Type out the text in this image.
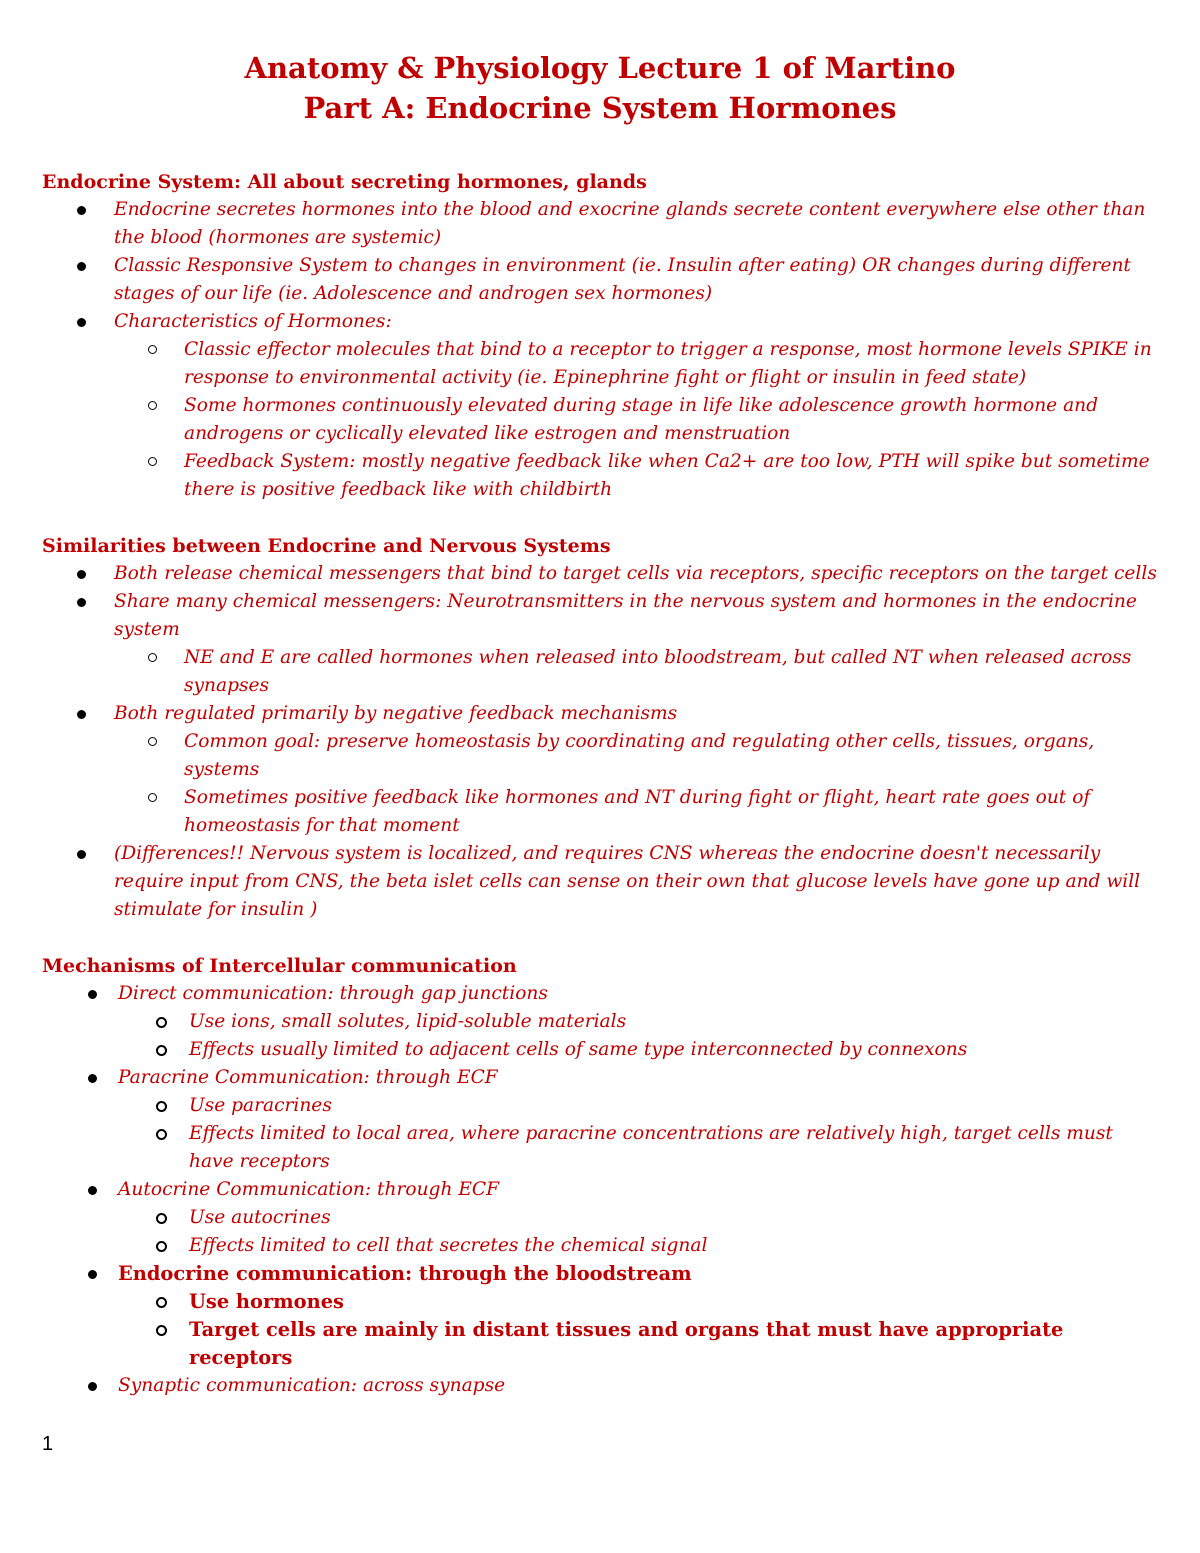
Anatomy & Physiology Lecture 1 of Martino
Part A: Endocrine System Hormones

Endocrine System: All about secreting hormones, glands

Endocrine secretes hormones into the blood and exocrine glands secrete content everywhere else other than the blood (hormones are systemic)
Classic Responsive System to changes in environment (ie. Insulin after eating) OR changes during different stages of our life (ie. Adolescence and androgen sex hormones)
Characteristics of Hormones:
Classic effector molecules that bind to a receptor to trigger a response, most hormone levels SPIKE in response to environmental activity (ie. Epinephrine fight or flight or insulin in feed state)
Some hormones continuously elevated during stage in life like adolescence growth hormone and androgens or cyclically elevated like estrogen and menstruation
Feedback System: mostly negative feedback like when Ca2+ are too low, PTH will spike but sometime there is positive feedback like with childbirth

Similarities between Endocrine and Nervous Systems

Both release chemical messengers that bind to target cells via receptors, specific receptors on the target cells
Share many chemical messengers: Neurotransmitters in the nervous system and hormones in the endocrine system
NE and E are called hormones when released into bloodstream, but called NT when released across synapses
Both regulated primarily by negative feedback mechanisms
Common goal: preserve homeostasis by coordinating and regulating other cells, tissues, organs, systems
Sometimes positive feedback like hormones and NT during fight or flight, heart rate goes out of homeostasis for that moment
(Differences!! Nervous system is localized, and requires CNS whereas the endocrine doesn't necessarily require input from CNS, the beta islet cells can sense on their own that glucose levels have gone up and will stimulate for insulin )

Mechanisms of Intercellular communication

Direct communication: through gap junctions
Use ions, small solutes, lipid-soluble materials
Effects usually limited to adjacent cells of same type interconnected by connexons
Paracrine Communication: through ECF
Use paracrines
Effects limited to local area, where paracrine concentrations are relatively high, target cells must have receptors
Autocrine Communication: through ECF
Use autocrines
Effects limited to cell that secretes the chemical signal
Endocrine communication: through the bloodstream
Use hormones
Target cells are mainly in distant tissues and organs that must have appropriate receptors
Synaptic communication: across synapse
1
